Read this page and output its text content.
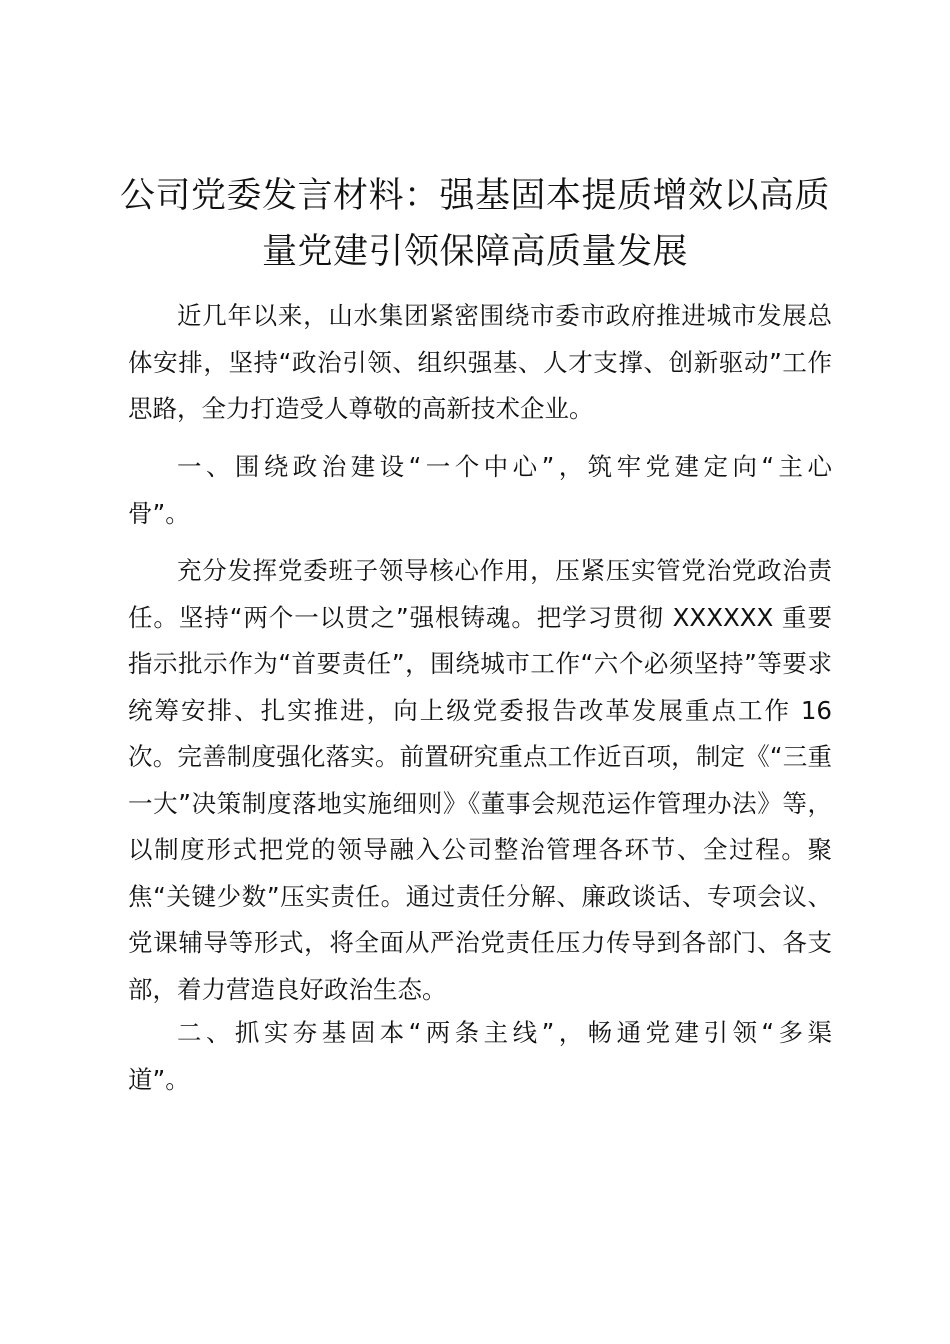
公司党委发言材料：强基固本提质增效以高质
量党建引领保障高质量发展

近几年以来，山水集团紧密围绕市委市政府推进城市发展总
体安排，坚持“政治引领、组织强基、人才支撑、创新驱动”工作
思路，全力打造受人尊敬的高新技术企业。

一、围绕政治建设“一个中心”，筑牢党建定向“主心
骨”。

充分发挥党委班子领导核心作用，压紧压实管党治党政治责
任。坚持“两个一以贯之”强根铸魂。把学习贯彻 XXXXXX 重要
指示批示作为“首要责任”，围绕城市工作“六个必须坚持”等要求
统筹安排、扎实推进，向上级党委报告改革发展重点工作 16
次。完善制度强化落实。前置研究重点工作近百项，制定《“三重
一大”决策制度落地实施细则》《董事会规范运作管理办法》等，
以制度形式把党的领导融入公司整治管理各环节、全过程。聚
焦“关键少数”压实责任。通过责任分解、廉政谈话、专项会议、
党课辅导等形式，将全面从严治党责任压力传导到各部门、各支
部，着力营造良好政治生态。

二、抓实夯基固本“两条主线”，畅通党建引领“多渠
道”。
